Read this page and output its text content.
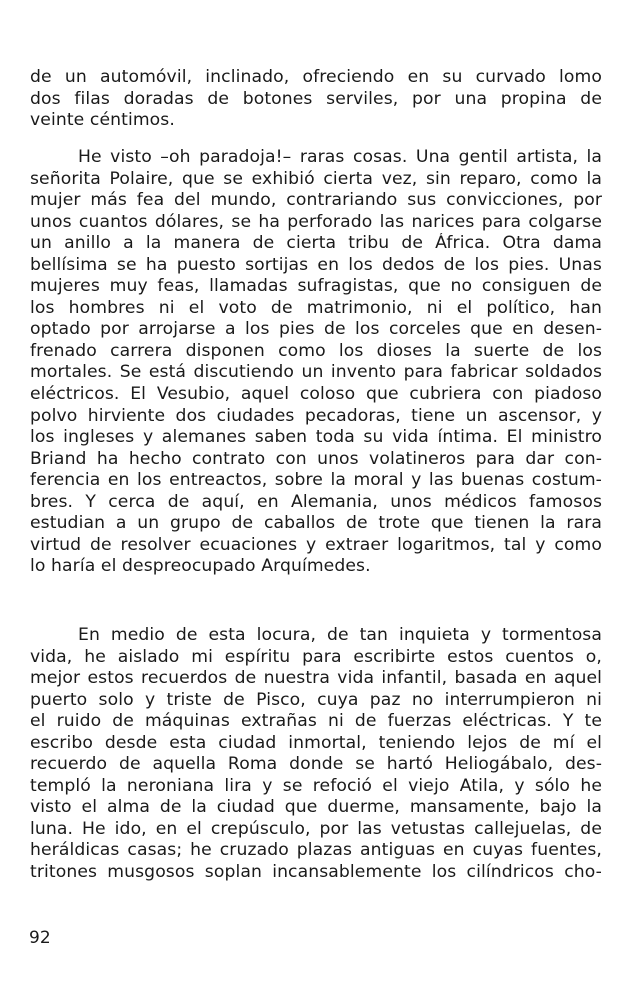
de un automóvil, inclinado, ofreciendo en su curvado lomo
dos filas doradas de botones serviles, por una propina de
veinte céntimos.
He visto –oh paradoja!– raras cosas. Una gentil artista, la
señorita Polaire, que se exhibió cierta vez, sin reparo, como la
mujer más fea del mundo, contrariando sus convicciones, por
unos cuantos dólares, se ha perforado las narices para colgarse
un anillo a la manera de cierta tribu de África. Otra dama
bellísima se ha puesto sortijas en los dedos de los pies. Unas
mujeres muy feas, llamadas sufragistas, que no consiguen de
los hombres ni el voto de matrimonio, ni el político, han
optado por arrojarse a los pies de los corceles que en desen-
frenado carrera disponen como los dioses la suerte de los
mortales. Se está discutiendo un invento para fabricar soldados
eléctricos. El Vesubio, aquel coloso que cubriera con piadoso
polvo hirviente dos ciudades pecadoras, tiene un ascensor, y
los ingleses y alemanes saben toda su vida íntima. El ministro
Briand ha hecho contrato con unos volatineros para dar con-
ferencia en los entreactos, sobre la moral y las buenas costum-
bres. Y cerca de aquí, en Alemania, unos médicos famosos
estudian a un grupo de caballos de trote que tienen la rara
virtud de resolver ecuaciones y extraer logaritmos, tal y como
lo haría el despreocupado Arquímedes.
En medio de esta locura, de tan inquieta y tormentosa
vida, he aislado mi espíritu para escribirte estos cuentos o,
mejor estos recuerdos de nuestra vida infantil, basada en aquel
puerto solo y triste de Pisco, cuya paz no interrumpieron ni
el ruido de máquinas extrañas ni de fuerzas eléctricas. Y te
escribo desde esta ciudad inmortal, teniendo lejos de mí el
recuerdo de aquella Roma donde se hartó Heliogábalo, des-
templó la neroniana lira y se refoció el viejo Atila, y sólo he
visto el alma de la ciudad que duerme, mansamente, bajo la
luna. He ido, en el crepúsculo, por las vetustas callejuelas, de
heráldicas casas; he cruzado plazas antiguas en cuyas fuentes,
tritones musgosos soplan incansablemente los cilíndricos cho-
92
